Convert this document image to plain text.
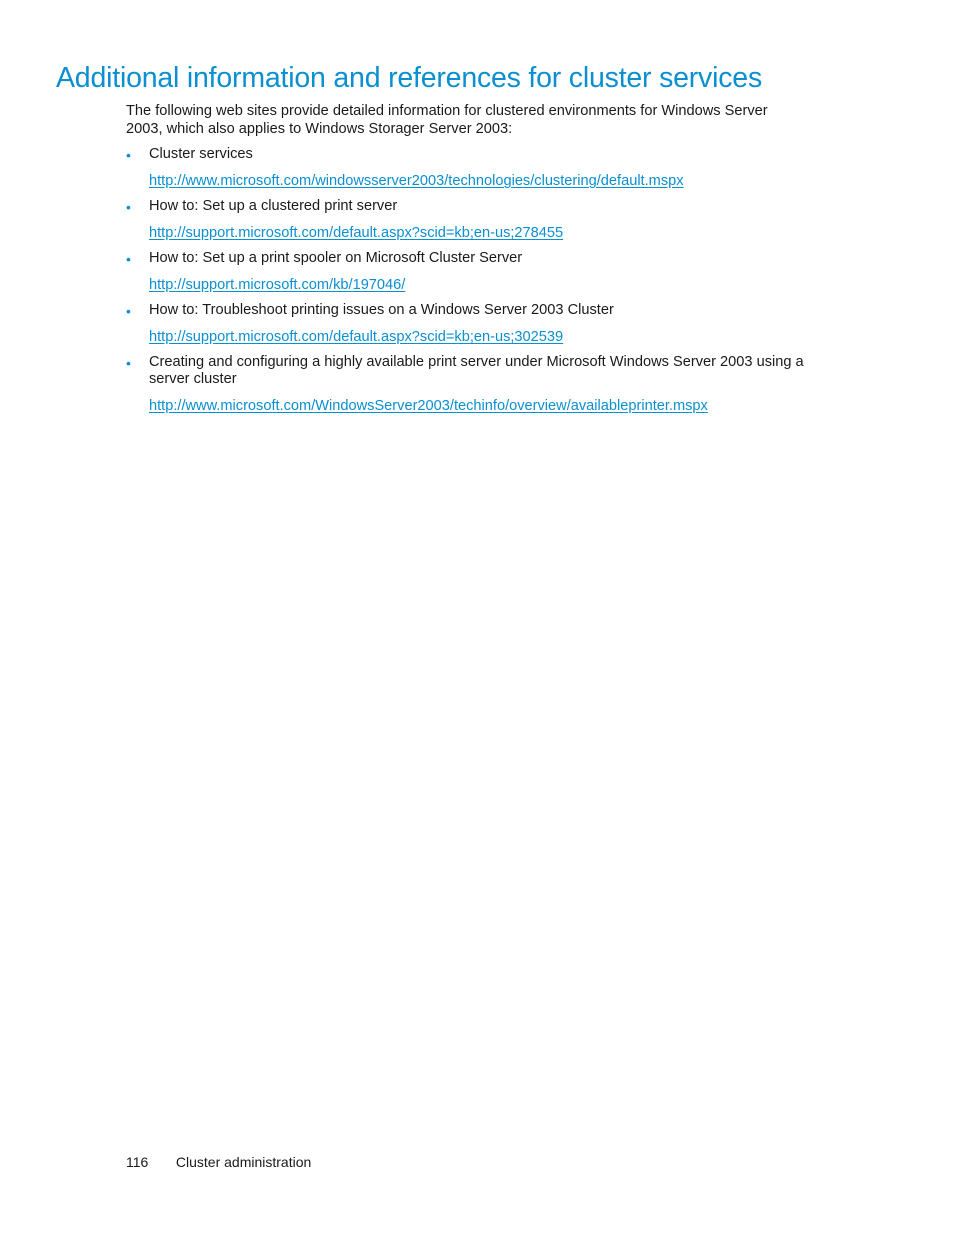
Additional information and references for cluster services

The following web sites provide detailed information for clustered environments for Windows Server 2003, which also applies to Windows Storager Server 2003:

•	Cluster services
http://www.microsoft.com/windowsserver2003/technologies/clustering/default.mspx
•	How to: Set up a clustered print server
http://support.microsoft.com/default.aspx?scid=kb;en-us;278455
•	How to: Set up a print spooler on Microsoft Cluster Server
http://support.microsoft.com/kb/197046/
•	How to: Troubleshoot printing issues on a Windows Server 2003 Cluster
http://support.microsoft.com/default.aspx?scid=kb;en-us;302539
•	Creating and configuring a highly available print server under Microsoft Windows Server 2003 using a server cluster
http://www.microsoft.com/WindowsServer2003/techinfo/overview/availableprinter.mspx
116 Cluster administration
